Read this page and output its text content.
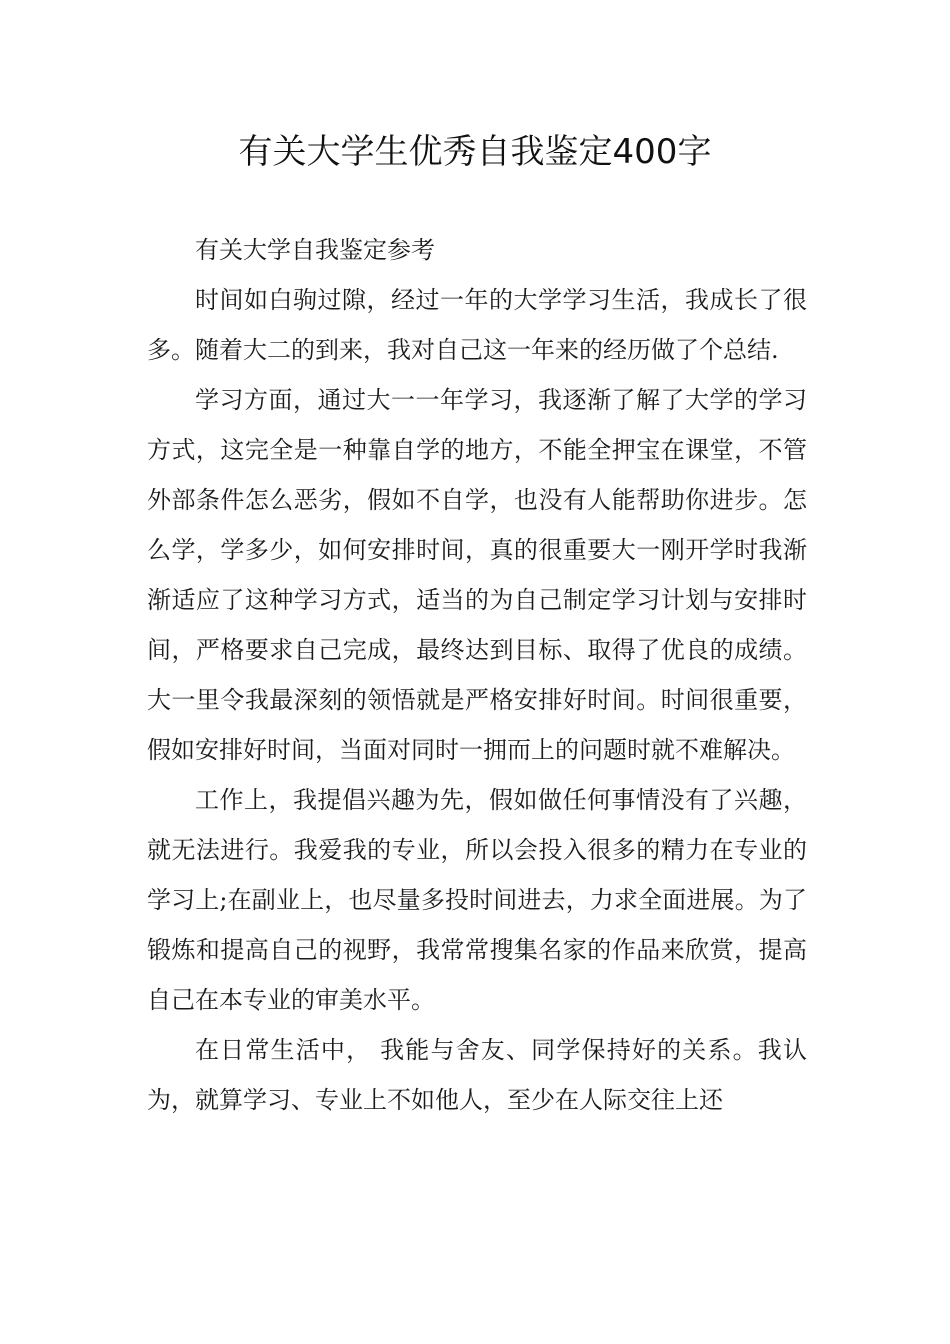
有关大学生优秀自我鉴定400字

有关大学自我鉴定参考

时间如白驹过隙，经过一年的大学学习生活，我成长了很多。随着大二的到来，我对自己这一年来的经历做了个总结.

学习方面，通过大一一年学习，我逐渐了解了大学的学习方式，这完全是一种靠自学的地方，不能全押宝在课堂，不管外部条件怎么恶劣，假如不自学，也没有人能帮助你进步。怎么学，学多少，如何安排时间，真的很重要大一刚开学时我渐渐适应了这种学习方式，适当的为自己制定学习计划与安排时间，严格要求自己完成，最终达到目标、取得了优良的成绩。大一里令我最深刻的领悟就是严格安排好时间。时间很重要，假如安排好时间，当面对同时一拥而上的问题时就不难解决。

工作上，我提倡兴趣为先，假如做任何事情没有了兴趣，就无法进行。我爱我的专业，所以会投入很多的精力在专业的学习上;在副业上，也尽量多投时间进去，力求全面进展。为了锻炼和提高自己的视野，我常常搜集名家的作品来欣赏，提高自己在本专业的审美水平。

在日常生活中， 我能与舍友、同学保持好的关系。我认为，就算学习、专业上不如他人，至少在人际交往上还
